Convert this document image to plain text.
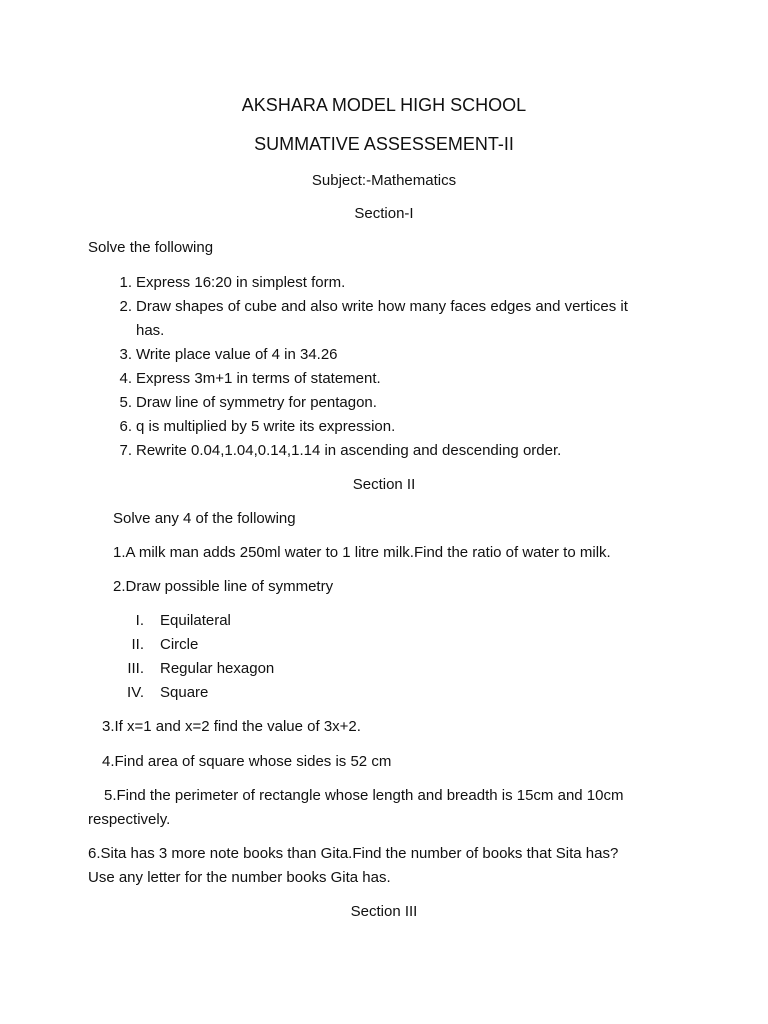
AKSHARA MODEL HIGH SCHOOL
SUMMATIVE ASSESSEMENT-II
Subject:-Mathematics
Section-I
Solve the following
1. Express 16:20 in simplest form.
2. Draw shapes of cube and also write how many faces edges and vertices it
has.
3. Write place value of 4 in 34.26
4. Express 3m+1 in terms of statement.
5. Draw line of symmetry for pentagon.
6. q is multiplied by 5 write its expression.
7. Rewrite 0.04,1.04,0.14,1.14 in ascending and descending order.
Section II
Solve any 4 of the following
1.A milk man adds 250ml water to 1 litre milk.Find the ratio of water to milk.
2.Draw possible line of symmetry
I. Equilateral
II. Circle
III. Regular hexagon
IV. Square
3.If x=1 and x=2 find the value of 3x+2.
4.Find area of square whose sides is 52 cm
5.Find the perimeter of rectangle whose length and breadth is 15cm and 10cm
respectively.
6.Sita has 3 more note books than Gita.Find the number of books that Sita has?
Use any letter for the number books Gita has.
Section III
